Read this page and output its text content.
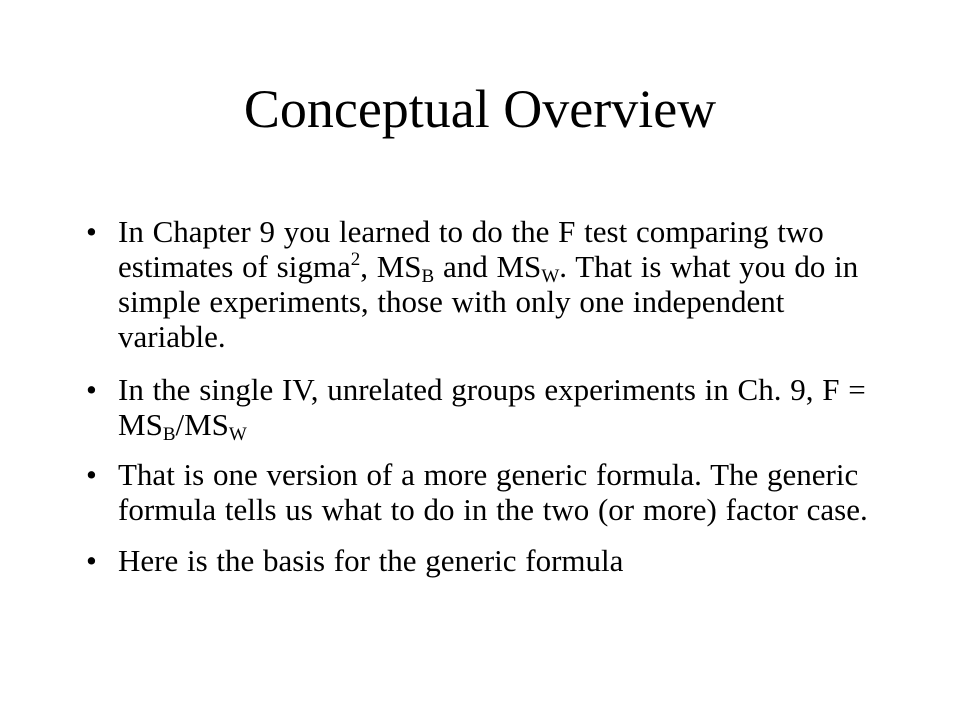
Conceptual Overview
• In Chapter 9 you learned to do the F test comparing two estimates of sigma$^2$, $MS_B$ and $MS_W$. That is what you do in simple experiments, those with only one independent variable.
• In the single IV, unrelated groups experiments in Ch. 9, $F = MS_B/MS_W$
• That is one version of a more generic formula. The generic formula tells us what to do in the two (or more) factor case.
• Here is the basis for the generic formula
